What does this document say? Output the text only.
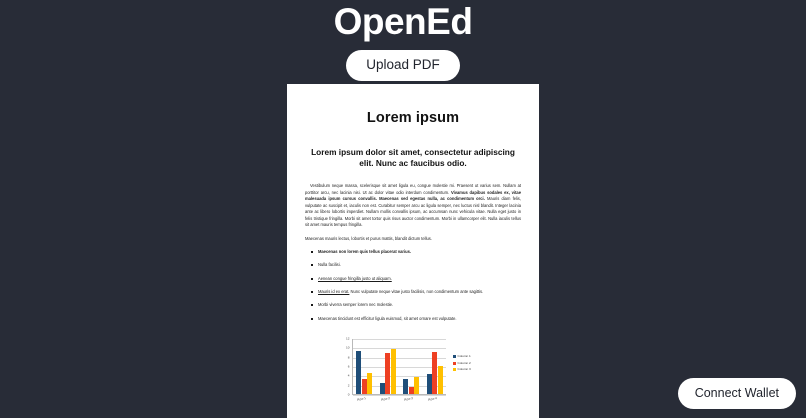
OpenEd
Upload PDF
Lorem ipsum
Lorem ipsum dolor sit amet, consectetur adipiscing elit. Nunc ac faucibus odio.

Vestibulum neque massa, scelerisque sit amet ligula eu, congue molestie mi. Praesent ut varius sem. Nullam at porttitor arcu, nec lacinia nisi. Ut ac dolor vitae odio interdum condimentum. Vivamus dapibus sodales ex, vitae malesuada ipsum cursus convallis. Maecenas sed egestas nulla, ac condimentum orci. Mauris diam felis, vulputate ac suscipit et, iaculis non est. Curabitur semper arcu ac ligula semper, nec luctus nisl blandit. Integer lacinia ante ac libero lobortis imperdiet. Nullam mollis convallis ipsum, ac accumsan nunc vehicula vitae. Nulla eget justo in felis tristique fringilla. Morbi sit amet tortor quis risus auctor condimentum. Morbi in ullamcorper elit. Nulla iaculis tellus sit amet mauris tempus fringilla.

Maecenas mauris lectus, lobortis et purus mattis, blandit dictum tellus.

Maecenas non lorem quis tellus placerat varius.
Nulla facilisi.
Aenean congue fringilla justo ut aliquam.
Mauris id ex erat. Nunc vulputate neque vitae justo facilisis, non condimentum ante sagittis.
Morbi viverra semper lorem nec molestie.
Maecenas tincidunt est efficitur ligula euismod, sit amet ornare est vulputate.
0
2
4
6
8
10
12
Row 1	Row 2	Row 3	Row 4
Column 1
Column 2
Column 3
Connect Wallet
